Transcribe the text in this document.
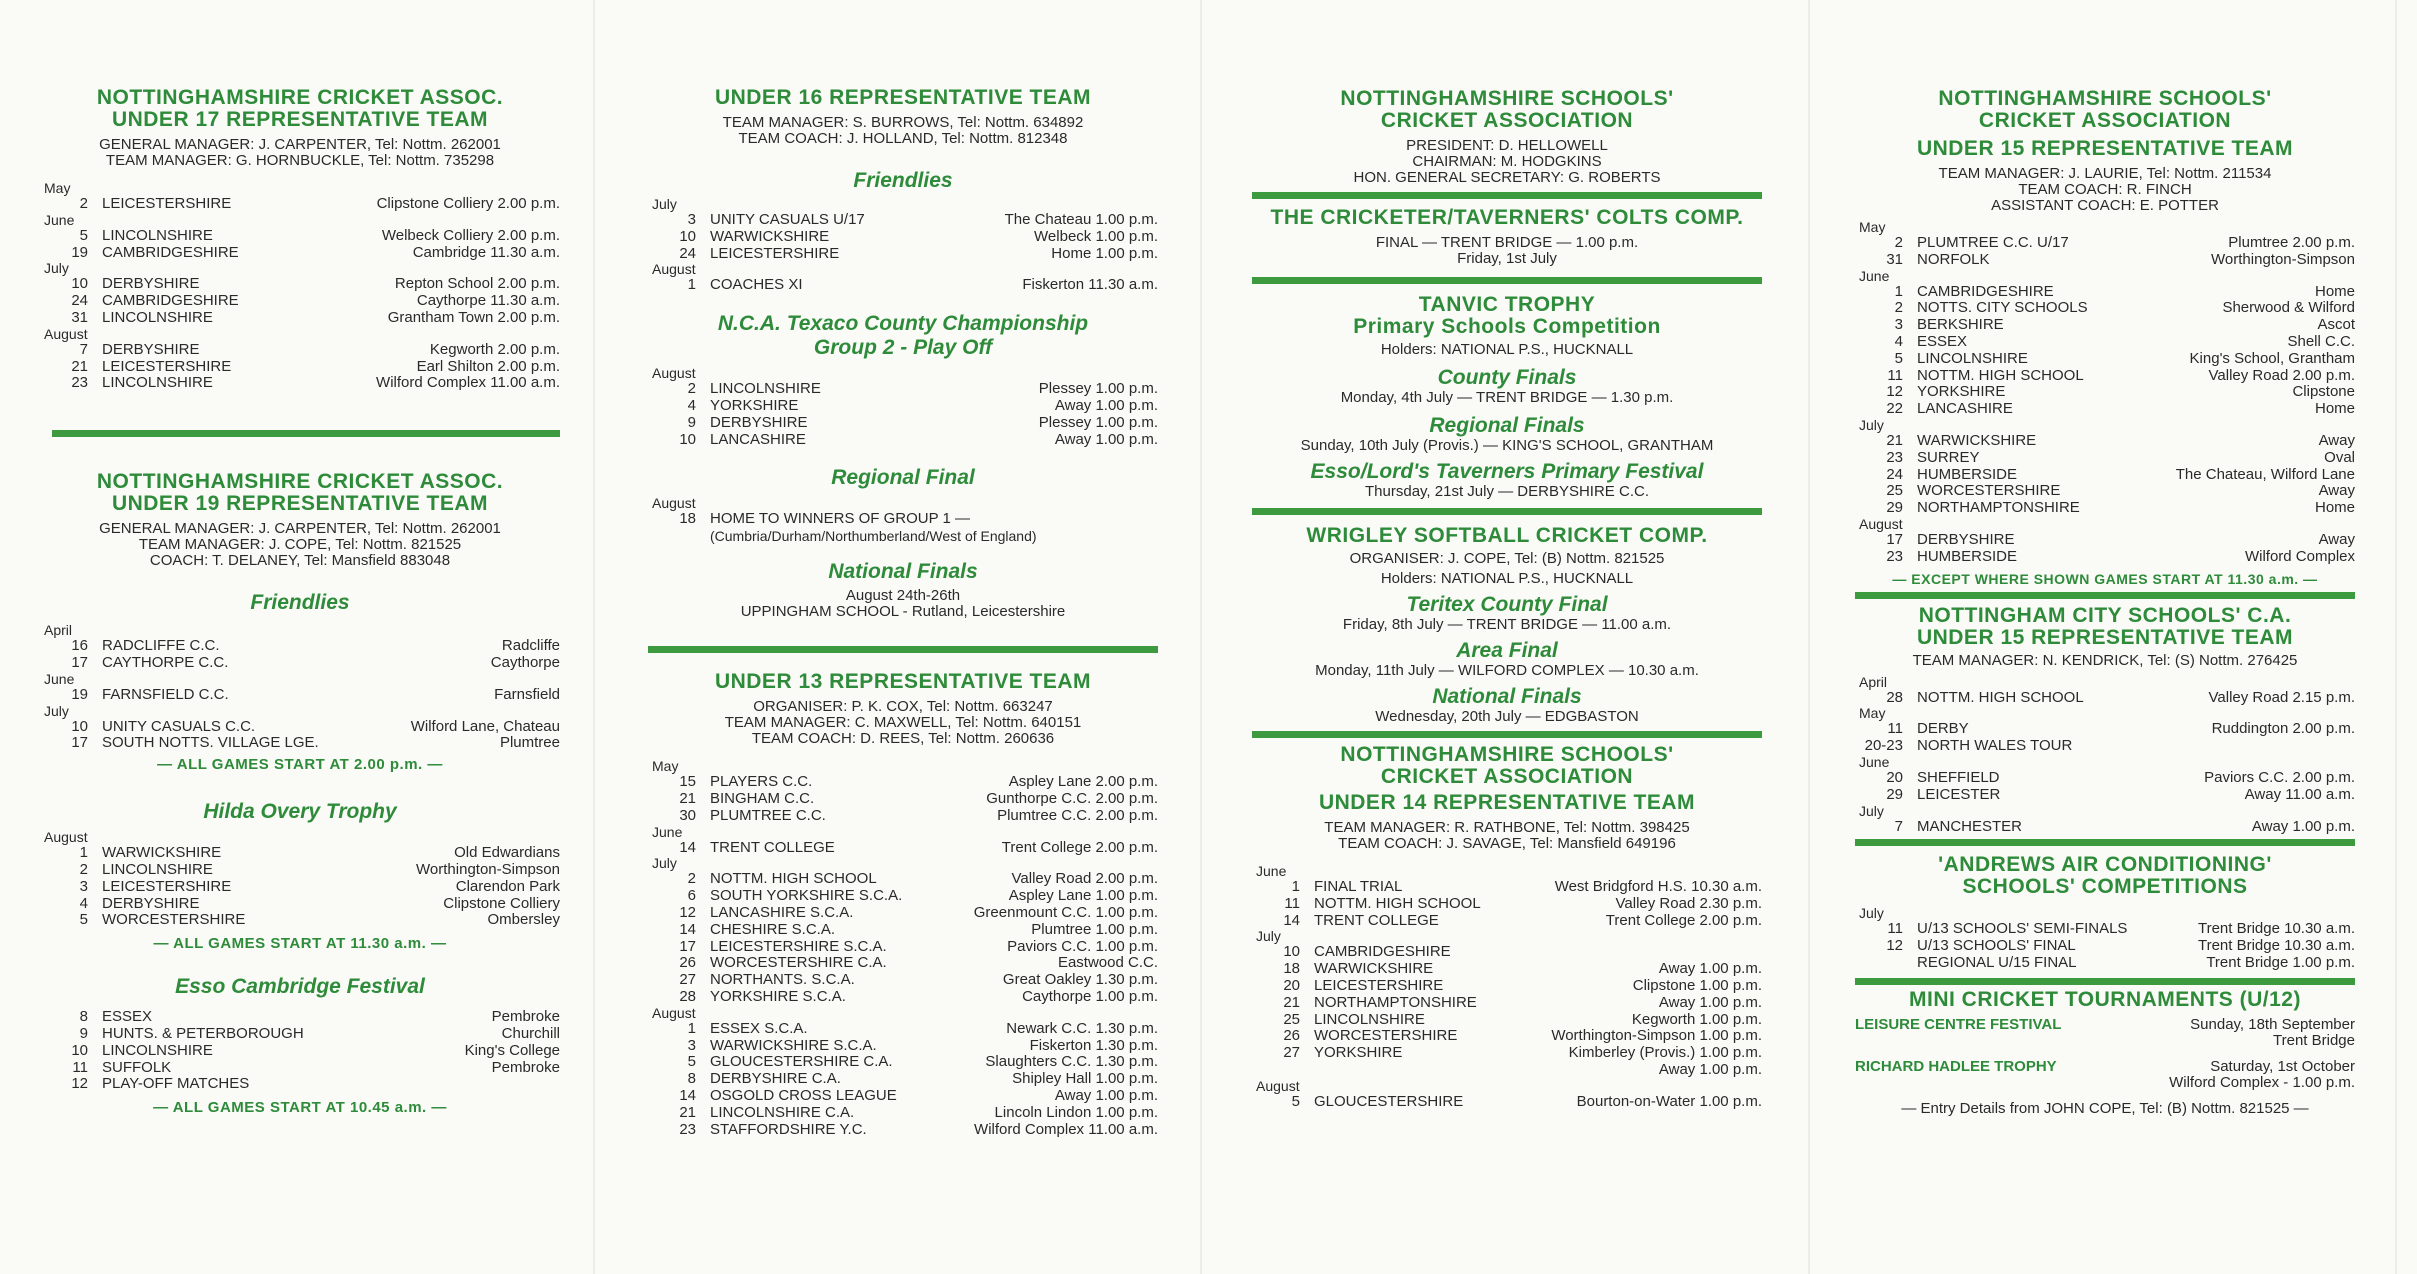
NOTTINGHAMSHIRE CRICKET ASSOC.

UNDER 17 REPRESENTATIVE TEAM

GENERAL MANAGER: J. CARPENTER, Tel: Nottm. 262001

TEAM MANAGER: G. HORNBUCKLE, Tel: Nottm. 735298

May
2 LEICESTERSHIRE	Clipstone Colliery 2.00 p.m.
June
5 LINCOLNSHIRE	Welbeck Colliery 2.00 p.m.
19 CAMBRIDGESHIRE	Cambridge 11.30 a.m.
July
10 DERBYSHIRE	Repton School 2.00 p.m.
24 CAMBRIDGESHIRE	Caythorpe 11.30 a.m.
31 LINCOLNSHIRE	Grantham Town 2.00 p.m.
August
7 DERBYSHIRE	Kegworth 2.00 p.m.
21 LEICESTERSHIRE	Earl Shilton 2.00 p.m.
23 LINCOLNSHIRE	Wilford Complex 11.00 a.m.

NOTTINGHAMSHIRE CRICKET ASSOC.

UNDER 19 REPRESENTATIVE TEAM

GENERAL MANAGER: J. CARPENTER, Tel: Nottm. 262001

TEAM MANAGER: J. COPE, Tel: Nottm. 821525

COACH: T. DELANEY, Tel: Mansfield 883048

Friendlies

April
16 RADCLIFFE C.C.	Radcliffe
17 CAYTHORPE C.C.	Caythorpe
June
19 FARNSFIELD C.C.	Farnsfield
July
10 UNITY CASUALS C.C.	Wilford Lane, Chateau
17 SOUTH NOTTS. VILLAGE LGE.	Plumtree
— ALL GAMES START AT 2.00 p.m. —

Hilda Overy Trophy

August
1 WARWICKSHIRE	Old Edwardians
2 LINCOLNSHIRE	Worthington-Simpson
3 LEICESTERSHIRE	Clarendon Park
4 DERBYSHIRE	Clipstone Colliery
5 WORCESTERSHIRE	Ombersley
— ALL GAMES START AT 11.30 a.m. —

Esso Cambridge Festival

8 ESSEX	Pembroke
9 HUNTS. & PETERBOROUGH	Churchill
10 LINCOLNSHIRE	King's College
11 SUFFOLK	Pembroke
12 PLAY-OFF MATCHES
— ALL GAMES START AT 10.45 a.m. —

UNDER 16 REPRESENTATIVE TEAM

TEAM MANAGER: S. BURROWS, Tel: Nottm. 634892

TEAM COACH: J. HOLLAND, Tel: Nottm. 812348

Friendlies

July
3 UNITY CASUALS U/17	The Chateau 1.00 p.m.
10 WARWICKSHIRE	Welbeck 1.00 p.m.
24 LEICESTERSHIRE	Home 1.00 p.m.
August
1 COACHES XI	Fiskerton 11.30 a.m.

N.C.A. Texaco County Championship

Group 2 - Play Off

August
2 LINCOLNSHIRE	Plessey 1.00 p.m.
4 YORKSHIRE	Away 1.00 p.m.
9 DERBYSHIRE	Plessey 1.00 p.m.
10 LANCASHIRE	Away 1.00 p.m.

Regional Final

August
18 HOME TO WINNERS OF GROUP 1 —
(Cumbria/Durham/Northumberland/West of England)

National Finals

August 24th-26th

UPPINGHAM SCHOOL - Rutland, Leicestershire

UNDER 13 REPRESENTATIVE TEAM

ORGANISER: P. K. COX, Tel: Nottm. 663247

TEAM MANAGER: C. MAXWELL, Tel: Nottm. 640151

TEAM COACH: D. REES, Tel: Nottm. 260636

May
15 PLAYERS C.C.	Aspley Lane 2.00 p.m.
21 BINGHAM C.C.	Gunthorpe C.C. 2.00 p.m.
30 PLUMTREE C.C.	Plumtree C.C. 2.00 p.m.
June
14 TRENT COLLEGE	Trent College 2.00 p.m.
July
2 NOTTM. HIGH SCHOOL	Valley Road 2.00 p.m.
6 SOUTH YORKSHIRE S.C.A.	Aspley Lane 1.00 p.m.
12 LANCASHIRE S.C.A.	Greenmount C.C. 1.00 p.m.
14 CHESHIRE S.C.A.	Plumtree 1.00 p.m.
17 LEICESTERSHIRE S.C.A.	Paviors C.C. 1.00 p.m.
26 WORCESTERSHIRE C.A.	Eastwood C.C.
27 NORTHANTS. S.C.A.	Great Oakley 1.30 p.m.
28 YORKSHIRE S.C.A.	Caythorpe 1.00 p.m.
August
1 ESSEX S.C.A.	Newark C.C. 1.30 p.m.
3 WARWICKSHIRE S.C.A.	Fiskerton 1.30 p.m.
5 GLOUCESTERSHIRE C.A.	Slaughters C.C. 1.30 p.m.
8 DERBYSHIRE C.A.	Shipley Hall 1.00 p.m.
14 OSGOLD CROSS LEAGUE	Away 1.00 p.m.
21 LINCOLNSHIRE C.A.	Lincoln Lindon 1.00 p.m.
23 STAFFORDSHIRE Y.C.	Wilford Complex 11.00 a.m.

NOTTINGHAMSHIRE SCHOOLS'

CRICKET ASSOCIATION

PRESIDENT: D. HELLOWELL

CHAIRMAN: M. HODGKINS

HON. GENERAL SECRETARY: G. ROBERTS

THE CRICKETER/TAVERNERS' COLTS COMP.

FINAL — TRENT BRIDGE — 1.00 p.m.

Friday, 1st July

TANVIC TROPHY

Primary Schools Competition

Holders: NATIONAL P.S., HUCKNALL

County Finals

Monday, 4th July — TRENT BRIDGE — 1.30 p.m.

Regional Finals

Sunday, 10th July (Provis.) — KING'S SCHOOL, GRANTHAM

Esso/Lord's Taverners Primary Festival

Thursday, 21st July — DERBYSHIRE C.C.

WRIGLEY SOFTBALL CRICKET COMP.

ORGANISER: J. COPE, Tel: (B) Nottm. 821525

Holders: NATIONAL P.S., HUCKNALL

Teritex County Final

Friday, 8th July — TRENT BRIDGE — 11.00 a.m.

Area Final

Monday, 11th July — WILFORD COMPLEX — 10.30 a.m.

National Finals

Wednesday, 20th July — EDGBASTON

NOTTINGHAMSHIRE SCHOOLS'

CRICKET ASSOCIATION

UNDER 14 REPRESENTATIVE TEAM

TEAM MANAGER: R. RATHBONE, Tel: Nottm. 398425

TEAM COACH: J. SAVAGE, Tel: Mansfield 649196

June
1 FINAL TRIAL	West Bridgford H.S. 10.30 a.m.
11 NOTTM. HIGH SCHOOL	Valley Road 2.30 p.m.
14 TRENT COLLEGE	Trent College 2.00 p.m.
July
10 CAMBRIDGESHIRE
18 WARWICKSHIRE	Away 1.00 p.m.
20 LEICESTERSHIRE	Clipstone 1.00 p.m.
21 NORTHAMPTONSHIRE	Away 1.00 p.m.
25 LINCOLNSHIRE	Kegworth 1.00 p.m.
26 WORCESTERSHIRE	Worthington-Simpson 1.00 p.m.
27 YORKSHIRE	Kimberley (Provis.) 1.00 p.m.
Away 1.00 p.m.
August
5 GLOUCESTERSHIRE	Bourton-on-Water 1.00 p.m.

NOTTINGHAMSHIRE SCHOOLS'

CRICKET ASSOCIATION

UNDER 15 REPRESENTATIVE TEAM

TEAM MANAGER: J. LAURIE, Tel: Nottm. 211534

TEAM COACH: R. FINCH

ASSISTANT COACH: E. POTTER

May
2 PLUMTREE C.C. U/17	Plumtree 2.00 p.m.
31 NORFOLK	Worthington-Simpson
June
1 CAMBRIDGESHIRE	Home
2 NOTTS. CITY SCHOOLS	Sherwood & Wilford
3 BERKSHIRE	Ascot
4 ESSEX	Shell C.C.
5 LINCOLNSHIRE	King's School, Grantham
11 NOTTM. HIGH SCHOOL	Valley Road 2.00 p.m.
12 YORKSHIRE	Clipstone
22 LANCASHIRE	Home
July
21 WARWICKSHIRE	Away
23 SURREY	Oval
24 HUMBERSIDE	The Chateau, Wilford Lane
25 WORCESTERSHIRE	Away
29 NORTHAMPTONSHIRE	Home
August
17 DERBYSHIRE	Away
23 HUMBERSIDE	Wilford Complex
— EXCEPT WHERE SHOWN GAMES START AT 11.30 a.m. —

NOTTINGHAM CITY SCHOOLS' C.A.

UNDER 15 REPRESENTATIVE TEAM

TEAM MANAGER: N. KENDRICK, Tel: (S) Nottm. 276425

April
28 NOTTM. HIGH SCHOOL	Valley Road 2.15 p.m.
May
11 DERBY	Ruddington 2.00 p.m.
20-23 NORTH WALES TOUR
June
20 SHEFFIELD	Paviors C.C. 2.00 p.m.
29 LEICESTER	Away 11.00 a.m.
July
7 MANCHESTER	Away 1.00 p.m.

'ANDREWS AIR CONDITIONING'

SCHOOLS' COMPETITIONS

July
11 U/13 SCHOOLS' SEMI-FINALS	Trent Bridge 10.30 a.m.
12 U/13 SCHOOLS' FINAL	Trent Bridge 10.30 a.m.
REGIONAL U/15 FINAL	Trent Bridge 1.00 p.m.

MINI CRICKET TOURNAMENTS (U/12)

LEISURE CENTRE FESTIVAL	Sunday, 18th September
Trent Bridge
RICHARD HADLEE TROPHY	Saturday, 1st October
Wilford Complex - 1.00 p.m.

— Entry Details from JOHN COPE, Tel: (B) Nottm. 821525 —
